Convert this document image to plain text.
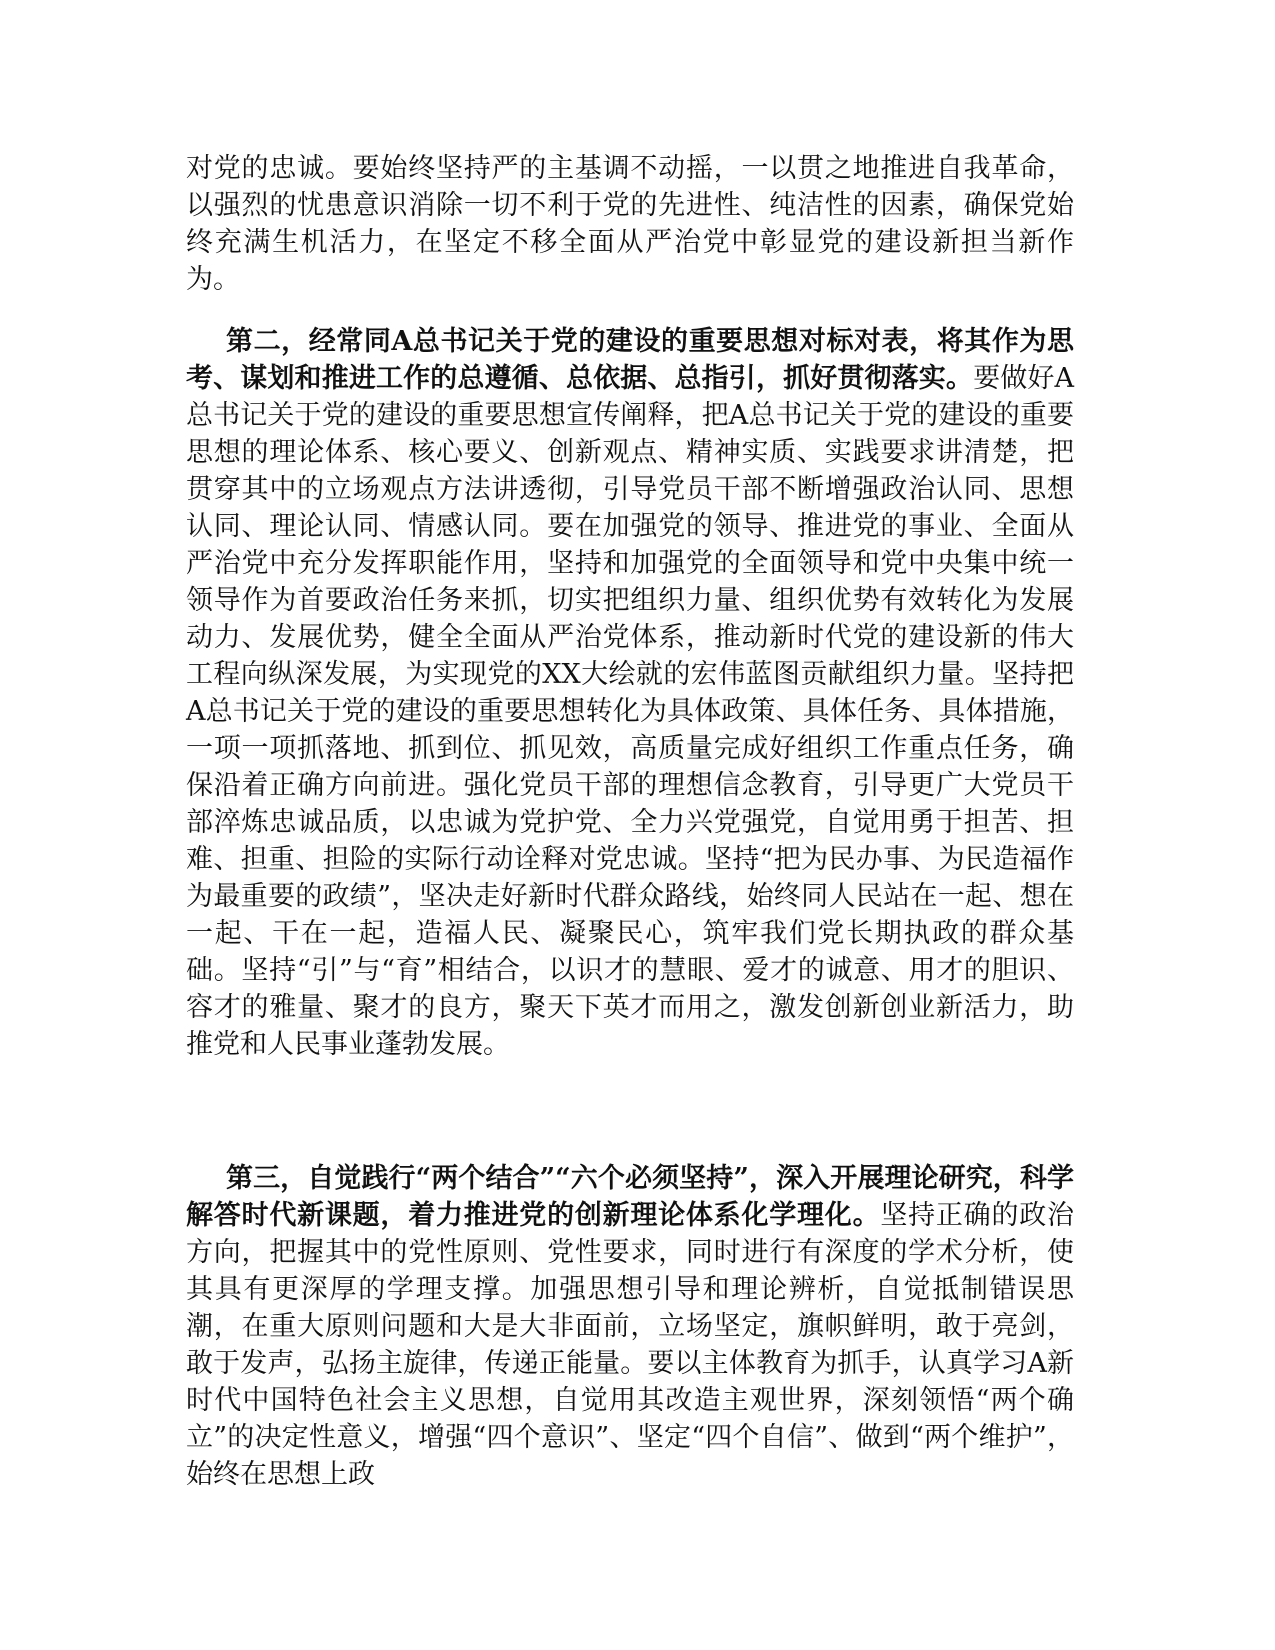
对党的忠诚。要始终坚持严的主基调不动摇，一以贯之地推进自我革命，以强烈的忧患意识消除一切不利于党的先进性、纯洁性的因素，确保党始终充满生机活力，在坚定不移全面从严治党中彰显党的建设新担当新作为。

第二，经常同A总书记关于党的建设的重要思想对标对表，将其作为思考、谋划和推进工作的总遵循、总依据、总指引，抓好贯彻落实。要做好A总书记关于党的建设的重要思想宣传阐释，把A总书记关于党的建设的重要思想的理论体系、核心要义、创新观点、精神实质、实践要求讲清楚，把贯穿其中的立场观点方法讲透彻，引导党员干部不断增强政治认同、思想认同、理论认同、情感认同。要在加强党的领导、推进党的事业、全面从严治党中充分发挥职能作用，坚持和加强党的全面领导和党中央集中统一领导作为首要政治任务来抓，切实把组织力量、组织优势有效转化为发展动力、发展优势，健全全面从严治党体系，推动新时代党的建设新的伟大工程向纵深发展，为实现党的XX大绘就的宏伟蓝图贡献组织力量。坚持把A总书记关于党的建设的重要思想转化为具体政策、具体任务、具体措施，一项一项抓落地、抓到位、抓见效，高质量完成好组织工作重点任务，确保沿着正确方向前进。强化党员干部的理想信念教育，引导更广大党员干部淬炼忠诚品质，以忠诚为党护党、全力兴党强党，自觉用勇于担苦、担难、担重、担险的实际行动诠释对党忠诚。坚持“把为民办事、为民造福作为最重要的政绩”，坚决走好新时代群众路线，始终同人民站在一起、想在一起、干在一起，造福人民、凝聚民心，筑牢我们党长期执政的群众基础。坚持“引”与“育”相结合，以识才的慧眼、爱才的诚意、用才的胆识、容才的雅量、聚才的良方，聚天下英才而用之，激发创新创业新活力，助推党和人民事业蓬勃发展。

第三，自觉践行“两个结合”“六个必须坚持”，深入开展理论研究，科学解答时代新课题，着力推进党的创新理论体系化学理化。坚持正确的政治方向，把握其中的党性原则、党性要求，同时进行有深度的学术分析，使其具有更深厚的学理支撑。加强思想引导和理论辨析，自觉抵制错误思潮，在重大原则问题和大是大非面前，立场坚定，旗帜鲜明，敢于亮剑，敢于发声，弘扬主旋律，传递正能量。要以主体教育为抓手，认真学习A新时代中国特色社会主义思想，自觉用其改造主观世界，深刻领悟“两个确立”的决定性意义，增强“四个意识”、坚定“四个自信”、做到“两个维护”，始终在思想上政
